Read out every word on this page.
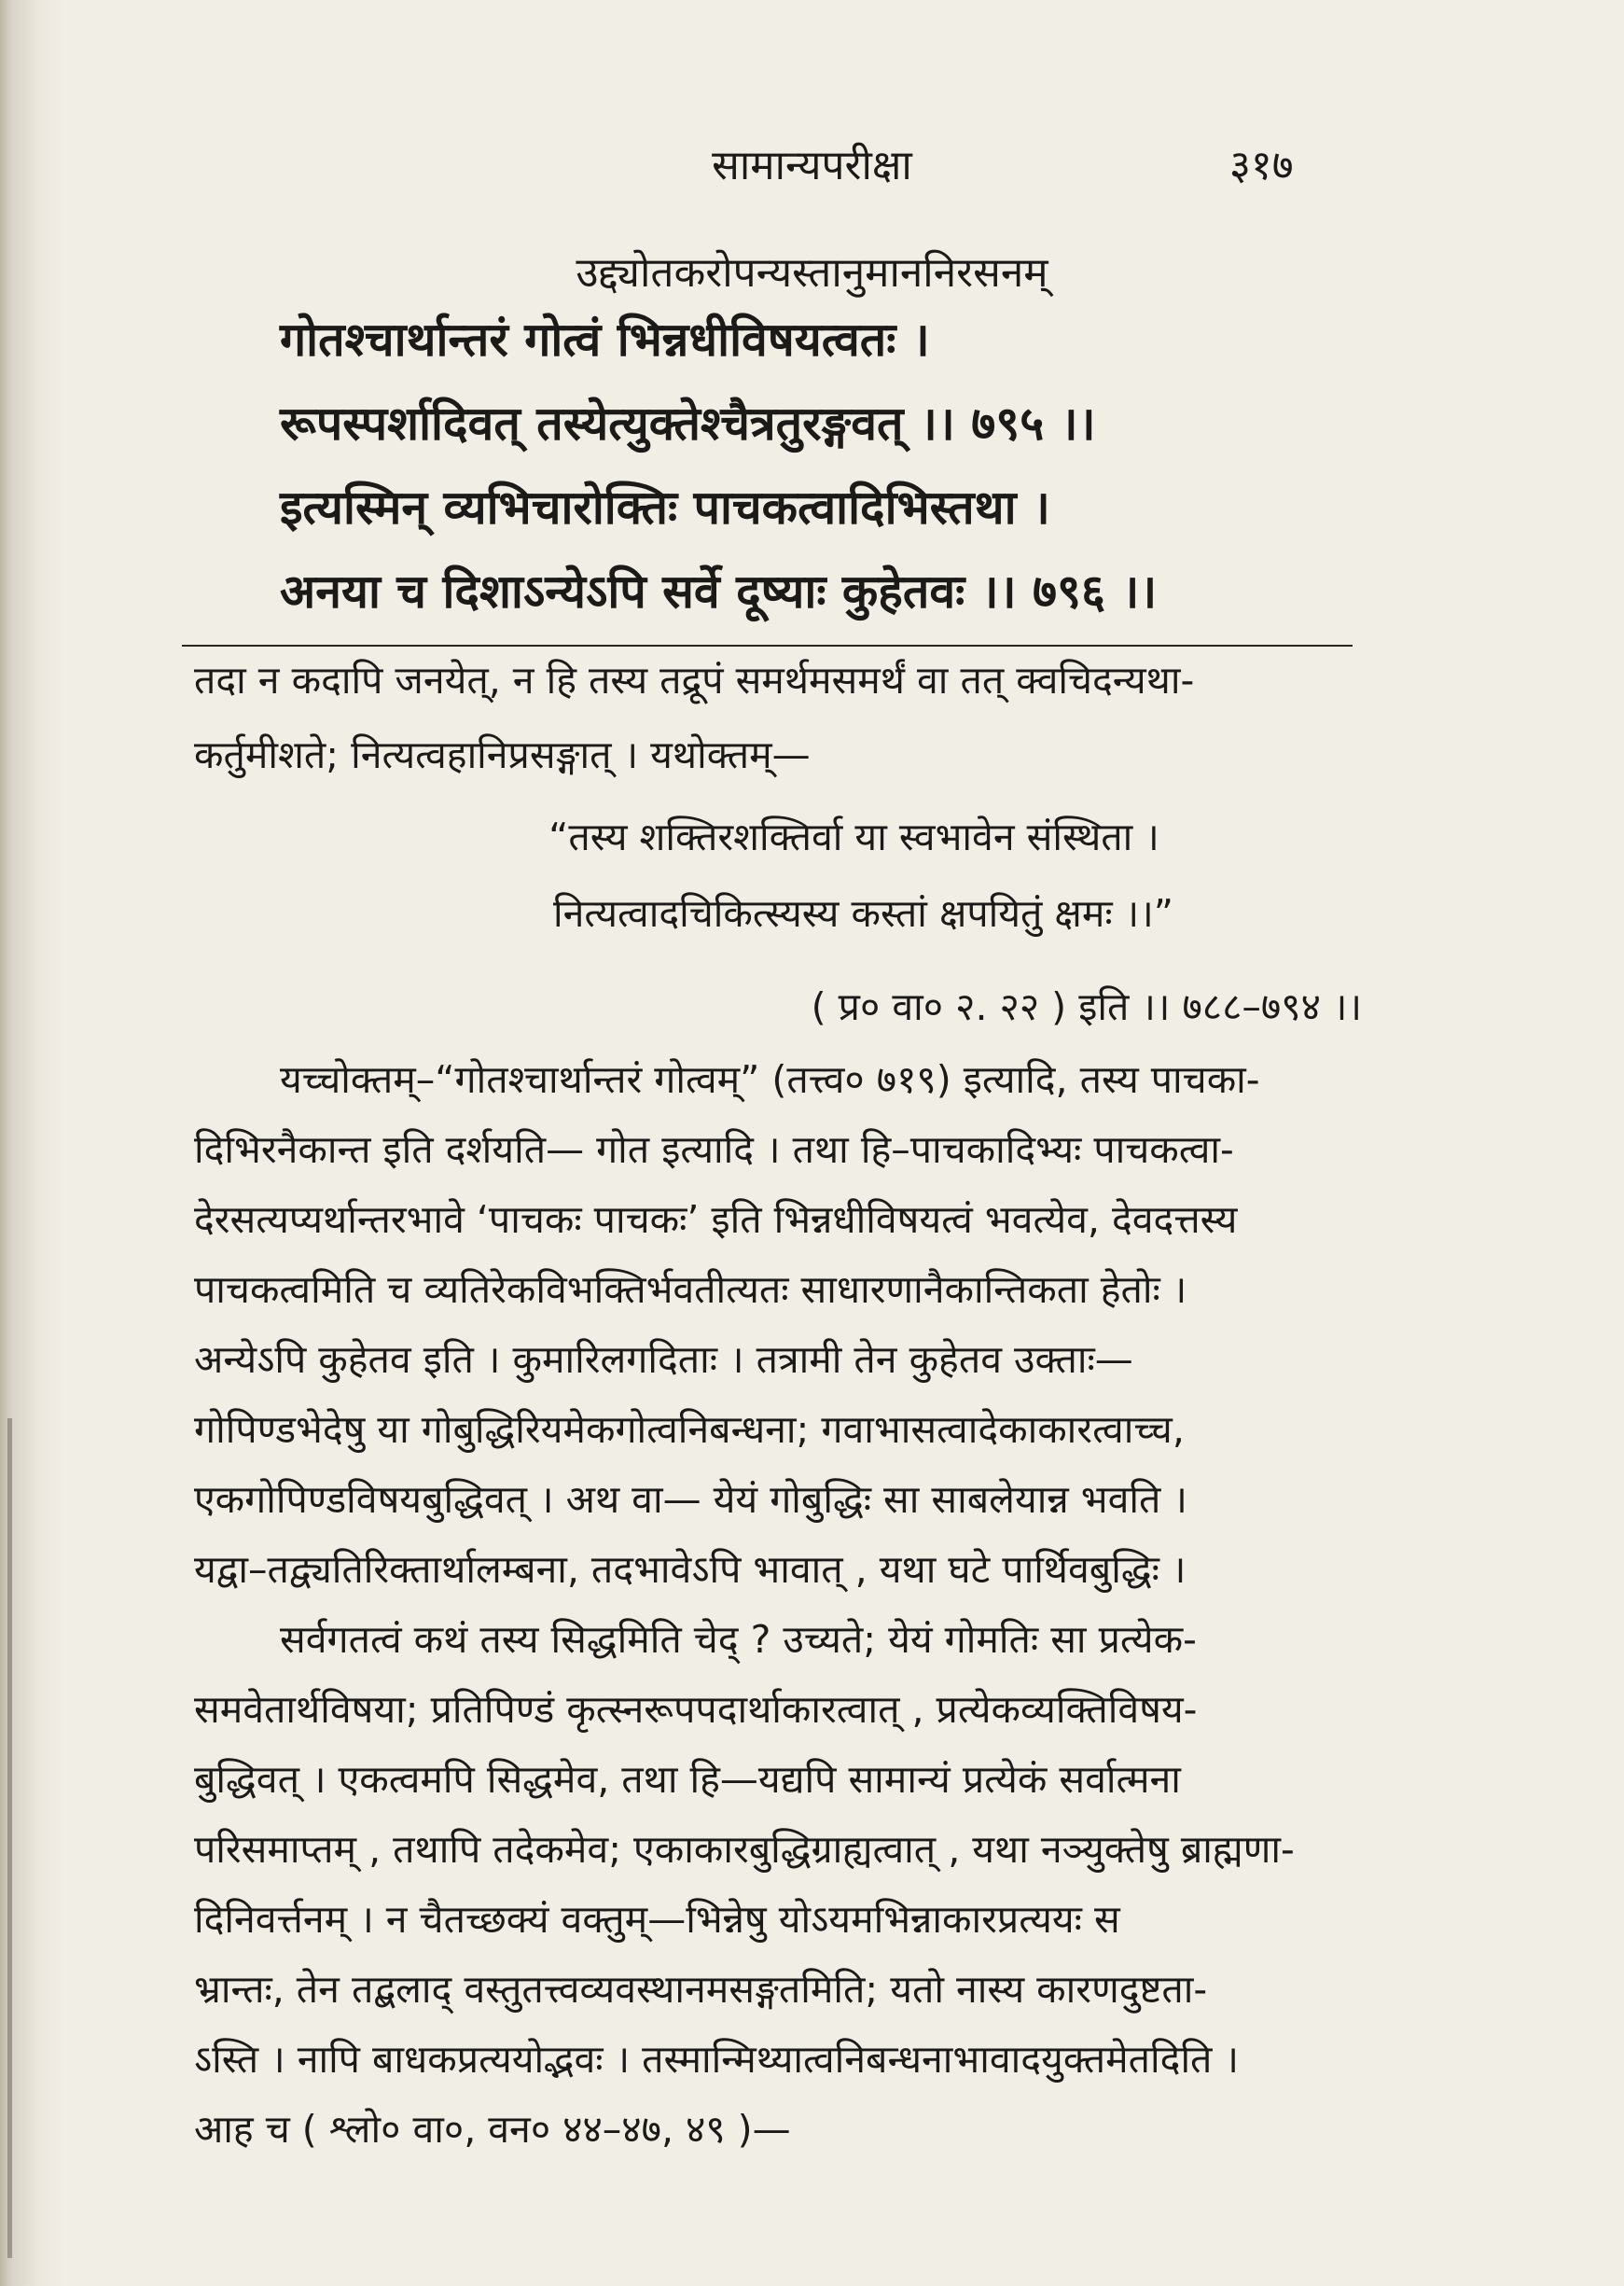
सामान्यपरीक्षा	३१७
उद्द्योतकरोपन्यस्तानुमाननिरसनम्
गोतश्चार्थान्तरं गोत्वं भिन्नधीविषयत्वतः ।
रूपस्पर्शादिवत् तस्येत्युक्तेश्चैत्रतुरङ्गवत् ।। ७९५ ।।
इत्यस्मिन् व्यभिचारोक्तिः पाचकत्वादिभिस्तथा ।
अनया च दिशाऽन्येऽपि सर्वे दूष्याः कुहेतवः ।। ७९६ ।।
तदा न कदापि जनयेत्, न हि तस्य तद्रूपं समर्थमसमर्थं वा तत् क्वचिदन्यथा-
कर्तुमीशते; नित्यत्वहानिप्रसङ्गात् । यथोक्तम्—
“तस्य शक्तिरशक्तिर्वा या स्वभावेन संस्थिता ।
नित्यत्वादचिकित्स्यस्य कस्तां क्षपयितुं क्षमः ।।”
( प्र० वा० २. २२ ) इति ।। ७८८–७९४ ।।
यच्चोक्तम्–“गोतश्चार्थान्तरं गोत्वम्” (तत्त्व० ७१९) इत्यादि, तस्य पाचका-
दिभिरनैकान्त इति दर्शयति— गोत इत्यादि । तथा हि–पाचकादिभ्यः पाचकत्वा-
देरसत्यप्यर्थान्तरभावे ‘पाचकः पाचकः’ इति भिन्नधीविषयत्वं भवत्येव, देवदत्तस्य
पाचकत्वमिति च व्यतिरेकविभक्तिर्भवतीत्यतः साधारणानैकान्तिकता हेतोः ।
अन्येऽपि कुहेतव इति । कुमारिलगदिताः । तत्रामी तेन कुहेतव उक्ताः—
गोपिण्डभेदेषु या गोबुद्धिरियमेकगोत्वनिबन्धना; गवाभासत्वादेकाकारत्वाच्च,
एकगोपिण्डविषयबुद्धिवत् । अथ वा— येयं गोबुद्धिः सा साबलेयान्न भवति ।
यद्वा–तद्व्यतिरिक्तार्थालम्बना, तदभावेऽपि भावात् , यथा घटे पार्थिवबुद्धिः ।
सर्वगतत्वं कथं तस्य सिद्धमिति चेद् ? उच्यते; येयं गोमतिः सा प्रत्येक-
समवेतार्थविषया; प्रतिपिण्डं कृत्स्नरूपपदार्थाकारत्वात् , प्रत्येकव्यक्तिविषय-
बुद्धिवत् । एकत्वमपि सिद्धमेव, तथा हि—यद्यपि सामान्यं प्रत्येकं सर्वात्मना
परिसमाप्तम् , तथापि तदेकमेव; एकाकारबुद्धिग्राह्यत्वात् , यथा नञ्युक्तेषु ब्राह्मणा-
दिनिवर्त्तनम् । न चैतच्छक्यं वक्तुम्—भिन्नेषु योऽयमभिन्नाकारप्रत्ययः स
भ्रान्तः, तेन तद्बलाद् वस्तुतत्त्वव्यवस्थानमसङ्गतमिति; यतो नास्य कारणदुष्टता-
ऽस्ति । नापि बाधकप्रत्ययोद्भवः । तस्मान्मिथ्यात्वनिबन्धनाभावादयुक्तमेतदिति ।
आह च ( श्लो० वा०, वन० ४४–४७, ४९ )—
